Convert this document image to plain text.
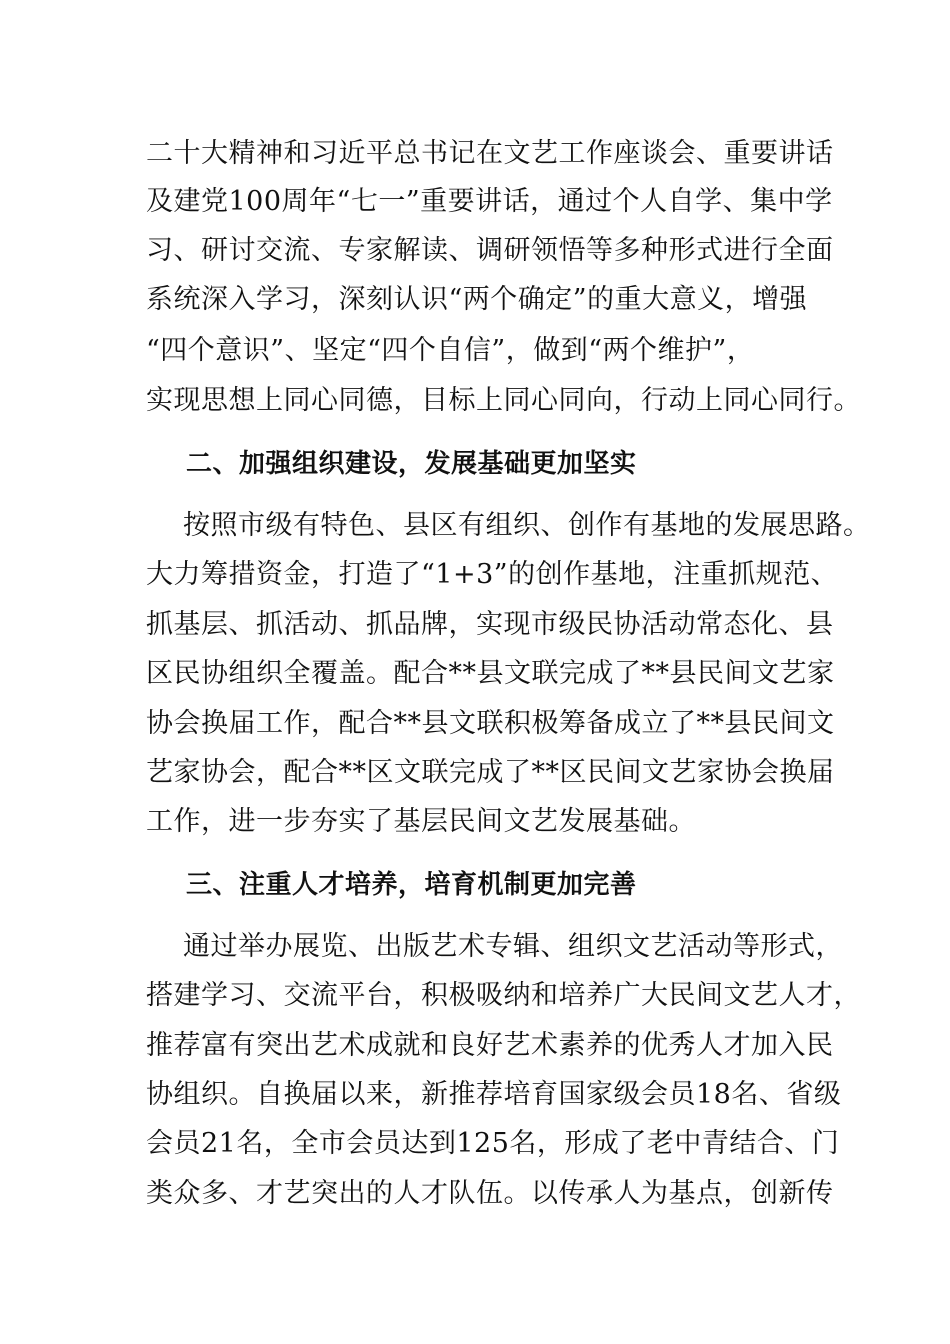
二十大精神和习近平总书记在文艺工作座谈会、重要讲话
及建党100周年“七一”重要讲话，通过个人自学、集中学
习、研讨交流、专家解读、调研领悟等多种形式进行全面
系统深入学习，深刻认识“两个确定”的重大意义，增强
“四个意识”、坚定“四个自信”，做到“两个维护”，
实现思想上同心同德，目标上同心同向，行动上同心同行。
二、加强组织建设，发展基础更加坚实
按照市级有特色、县区有组织、创作有基地的发展思路。
大力筹措资金，打造了“1+3”的创作基地，注重抓规范、
抓基层、抓活动、抓品牌，实现市级民协活动常态化、县
区民协组织全覆盖。配合**县文联完成了**县民间文艺家
协会换届工作，配合**县文联积极筹备成立了**县民间文
艺家协会，配合**区文联完成了**区民间文艺家协会换届
工作，进一步夯实了基层民间文艺发展基础。
三、注重人才培养，培育机制更加完善
通过举办展览、出版艺术专辑、组织文艺活动等形式，
搭建学习、交流平台，积极吸纳和培养广大民间文艺人才，
推荐富有突出艺术成就和良好艺术素养的优秀人才加入民
协组织。自换届以来，新推荐培育国家级会员18名、省级
会员21名，全市会员达到125名，形成了老中青结合、门
类众多、才艺突出的人才队伍。以传承人为基点，创新传
